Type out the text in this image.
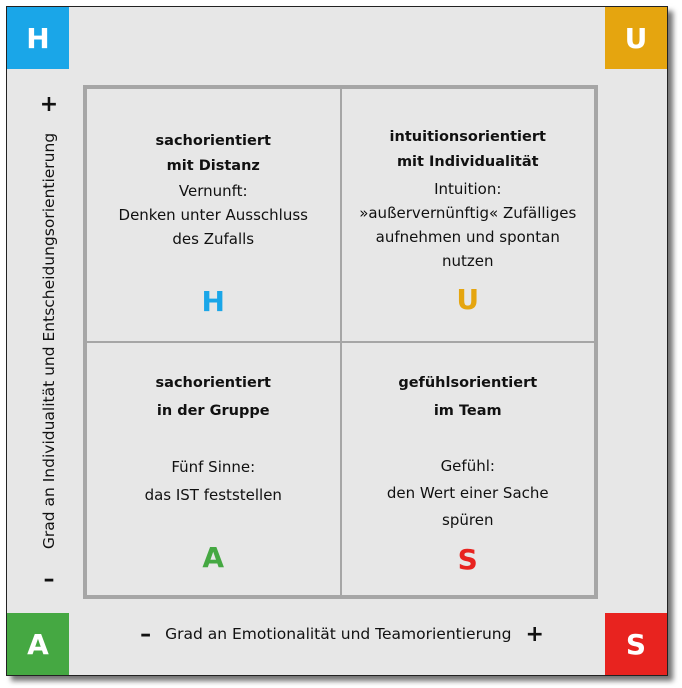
H	U
A	S
sachorientiert
mit Distanz
Vernunft:
Denken unter Ausschluss
des Zufalls
H
intuitionsorientiert
mit Individualität
Intuition:
»außervernünftig« Zufälliges
aufnehmen und spontan
nutzen
U
sachorientiert
in der Gruppe
Fünf Sinne:
das IST feststellen
A
gefühlsorientiert
im Team
Gefühl:
den Wert einer Sache
spüren
S
– Grad an Emotionalität und Teamorientierung +
+
Grad an Individualität und Entscheidungsorientierung
–
